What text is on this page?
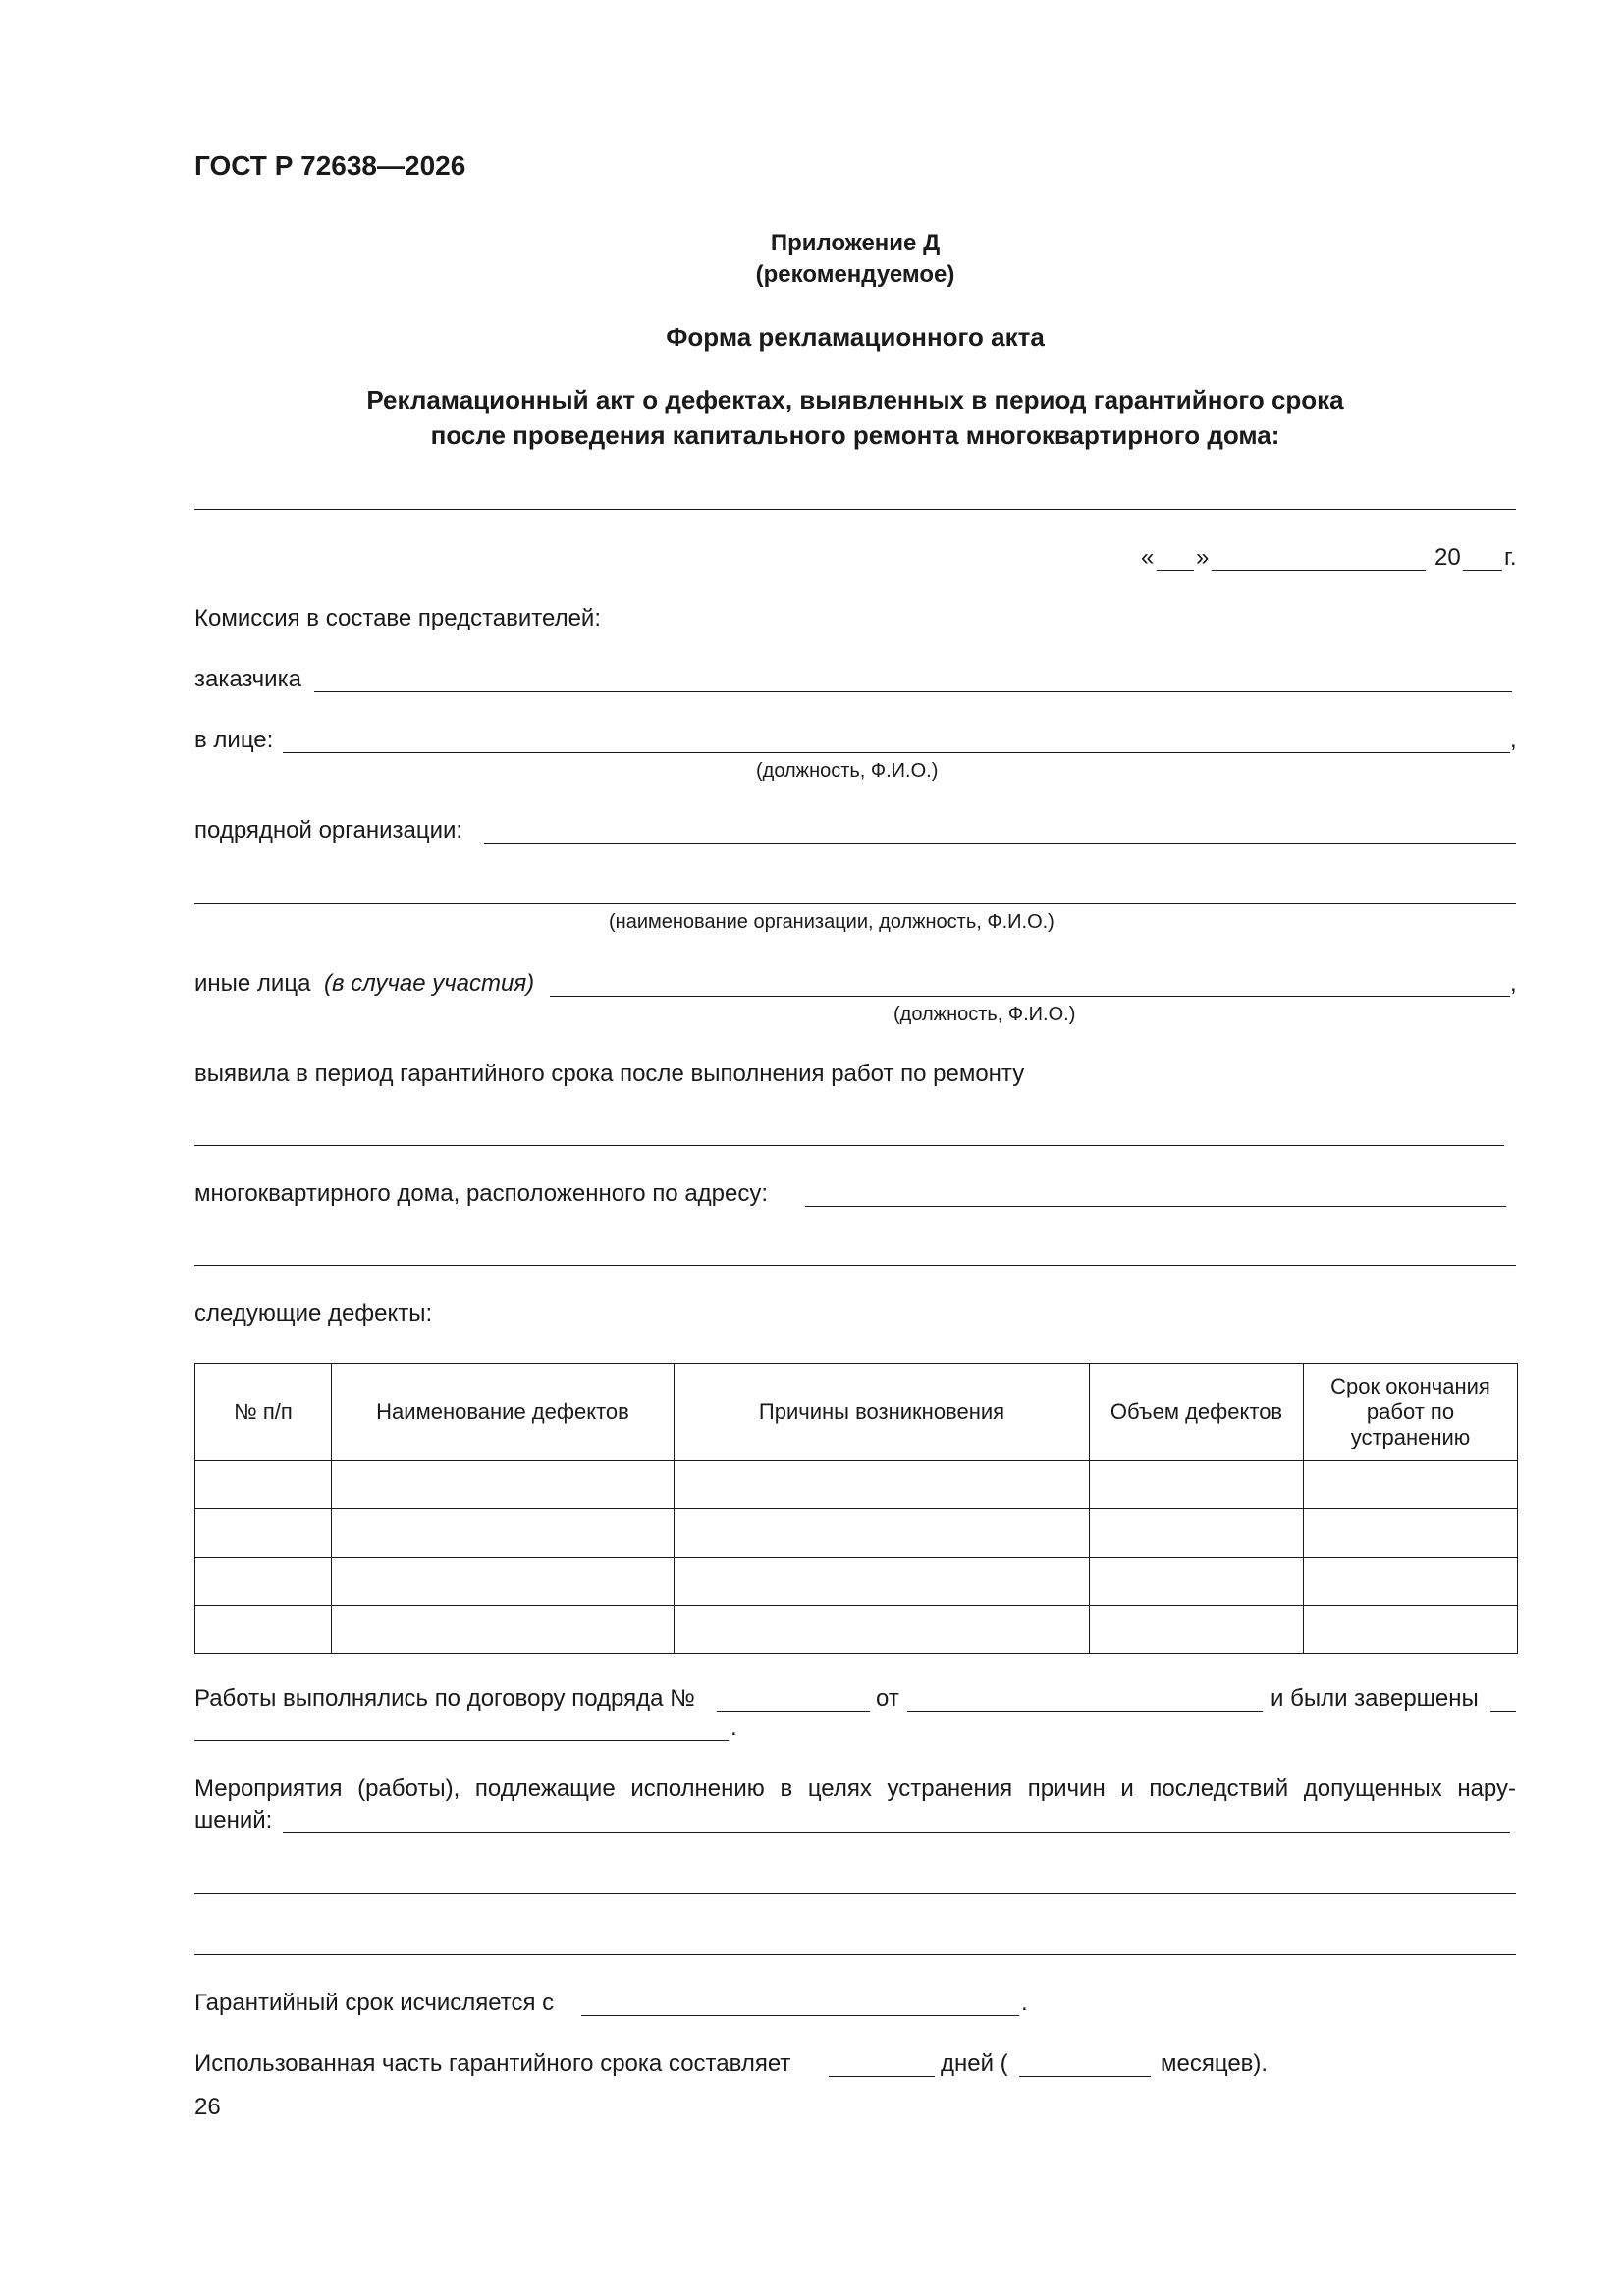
ГОСТ Р 72638—2026
Приложение Д
(рекомендуемое)
Форма рекламационного акта
Рекламационный акт о дефектах, выявленных в период гарантийного срока
после проведения капитального ремонта многоквартирного дома:
« »	20 г.
Комиссия в составе представителей:
заказчика
в лице:	,
(должность, Ф.И.О.)
подрядной организации:
(наименование организации, должность, Ф.И.О.)
иные лица (в случае участия)	,
(должность, Ф.И.О.)
выявила в период гарантийного срока после выполнения работ по ремонту
многоквартирного дома, расположенного по адресу:
следующие дефекты:
№ п/п	Наименование дефектов	Причины возникновения	Объем дефектов	Срок окончания работ по устранению

Работы выполнялись по договору подряда №	от	и были завершены
.
Мероприятия (работы), подлежащие исполнению в целях устранения причин и последствий допущенных нару-
шений:
Гарантийный срок исчисляется с	.
Использованная часть гарантийного срока составляет	дней (	месяцев).
26
